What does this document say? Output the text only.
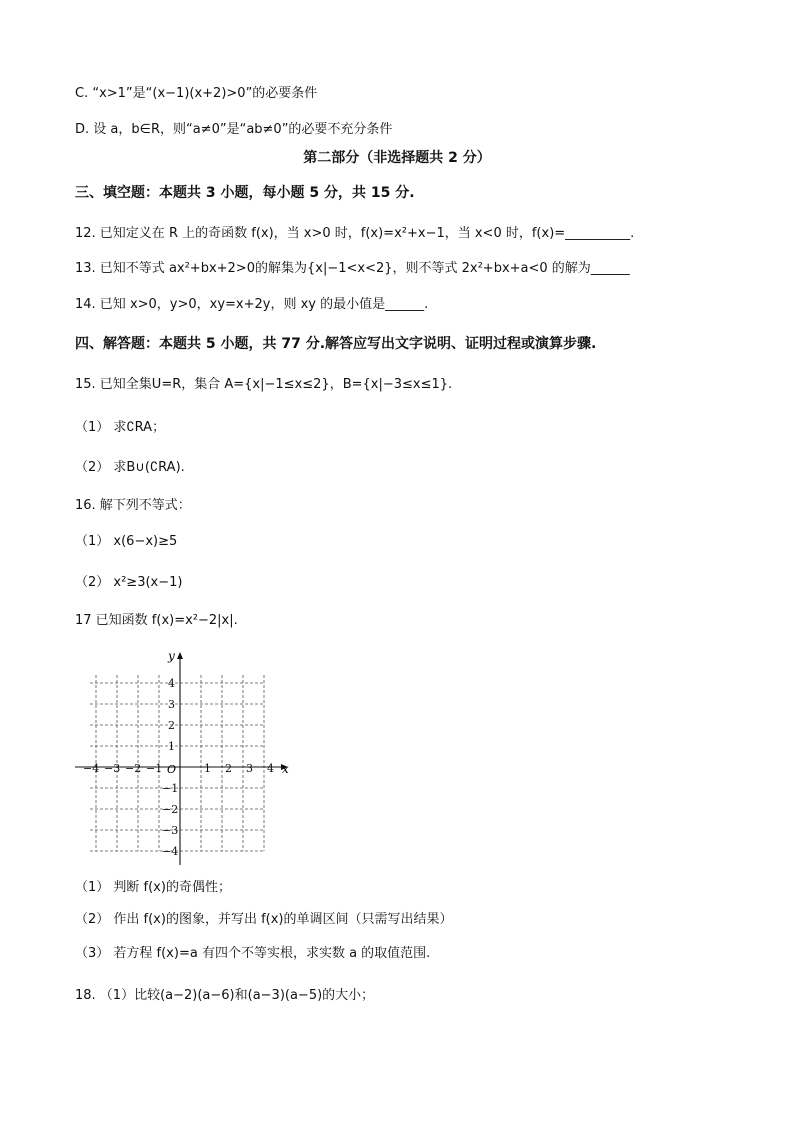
C. “x>1”是“(x−1)(x+2)>0”的必要条件
D. 设 a，b∈R，则“a≠0”是“ab≠0”的必要不充分条件
第二部分（非选择题共 2 分）
三、填空题：本题共 3 小题，每小题 5 分，共 15 分.
12. 已知定义在 R 上的奇函数 f(x)，当 x>0 时，f(x)=x²+x−1，当 x<0 时，f(x)=__________.
13. 已知不等式 ax²+bx+2>0的解集为{x|−1<x<2}，则不等式 2x²+bx+a<0 的解为______
14. 已知 x>0，y>0，xy=x+2y，则 xy 的最小值是______.
四、解答题：本题共 5 小题，共 77 分.解答应写出文字说明、证明过程或演算步骤.
15. 已知全集U=R，集合 A={x|−1≤x≤2}，B={x|−3≤x≤1}.
（1） 求∁RA；
（2） 求B∪(∁RA).
16. 解下列不等式：
（1） x(6−x)≥5
（2） x²≥3(x−1)
17 已知函数 f(x)=x²−2|x|.
−4 −3 −2 −1	1 2 3 4
4
3
2
1
−1
−2
−3
−4
x
y
O
（1） 判断 f(x)的奇偶性；
（2） 作出 f(x)的图象，并写出 f(x)的单调区间（只需写出结果）
（3） 若方程 f(x)=a 有四个不等实根，求实数 a 的取值范围.
18. （1）比较(a−2)(a−6)和(a−3)(a−5)的大小；
